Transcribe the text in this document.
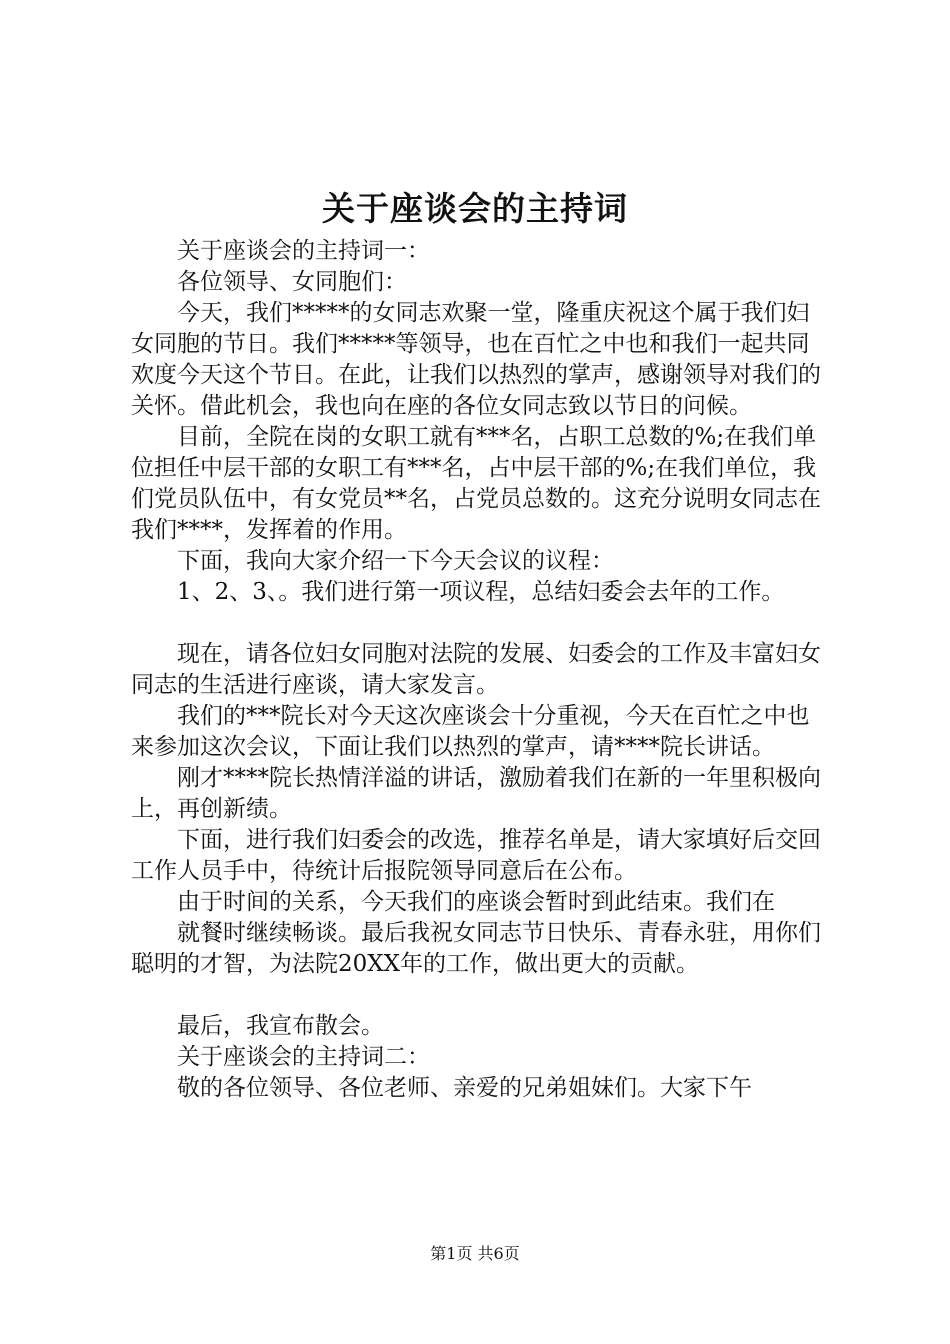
关于座谈会的主持词

关于座谈会的主持词一：

各位领导、女同胞们：

今天，我们*****的女同志欢聚一堂，隆重庆祝这个属于我们妇女同胞的节日。我们*****等领导，也在百忙之中也和我们一起共同欢度今天这个节日。在此，让我们以热烈的掌声，感谢领导对我们的关怀。借此机会，我也向在座的各位女同志致以节日的问候。

目前，全院在岗的女职工就有***名，占职工总数的%;在我们单位担任中层干部的女职工有***名，占中层干部的%;在我们单位，我们党员队伍中，有女党员**名，占党员总数的。这充分说明女同志在我们****，发挥着的作用。

下面，我向大家介绍一下今天会议的议程：

1、2、3、。我们进行第一项议程，总结妇委会去年的工作。

现在，请各位妇女同胞对法院的发展、妇委会的工作及丰富妇女同志的生活进行座谈，请大家发言。

我们的***院长对今天这次座谈会十分重视，今天在百忙之中也来参加这次会议，下面让我们以热烈的掌声，请****院长讲话。

刚才****院长热情洋溢的讲话，激励着我们在新的一年里积极向上，再创新绩。

下面，进行我们妇委会的改选，推荐名单是，请大家填好后交回工作人员手中，待统计后报院领导同意后在公布。

由于时间的关系，今天我们的座谈会暂时到此结束。我们在

就餐时继续畅谈。最后我祝女同志节日快乐、青春永驻，用你们聪明的才智，为法院20XX年的工作，做出更大的贡献。

最后，我宣布散会。

关于座谈会的主持词二：

敬的各位领导、各位老师、亲爱的兄弟姐妹们。大家下午

第1页 共6页
